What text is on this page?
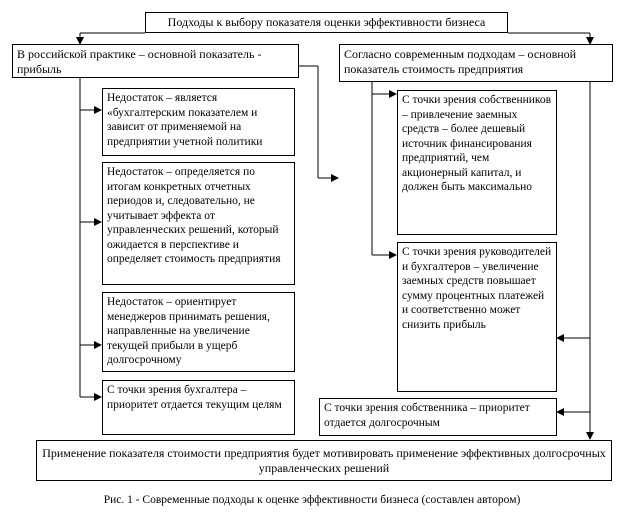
Подходы к выбору показателя оценки эффективности бизнеса
В российской практике – основной показатель - прибыль
Согласно современным подходам – основной показатель стоимость предприятия
Недостаток – является «бухгалтерским показателем и зависит от применяемой на предприятии учетной политики
Недостаток – определяется по итогам конкретных отчетных периодов и, следовательно, не учитывает эффекта от управленческих решений, который ожидается в перспективе и определяет стоимость предприятия
Недостаток – ориентирует менеджеров принимать решения, направленные на увеличение текущей прибыли в ущерб долгосрочному
С точки зрения бухгалтера – приоритет отдается текущим целям
С точки зрения собственников – привлечение заемных средств – более дешевый источник финансирования предприятий, чем акционерный капитал, и должен быть максимально
С точки зрения руководителей и бухгалтеров – увеличение заемных средств повышает сумму процентных платежей и соответственно может снизить прибыль
С точки зрения собственника – приоритет отдается долгосрочным
Применение показателя стоимости предприятия будет мотивировать применение эффективных долгосрочных управленческих решений
Рис. 1 - Современные подходы к оценке эффективности бизнеса (составлен автором)
